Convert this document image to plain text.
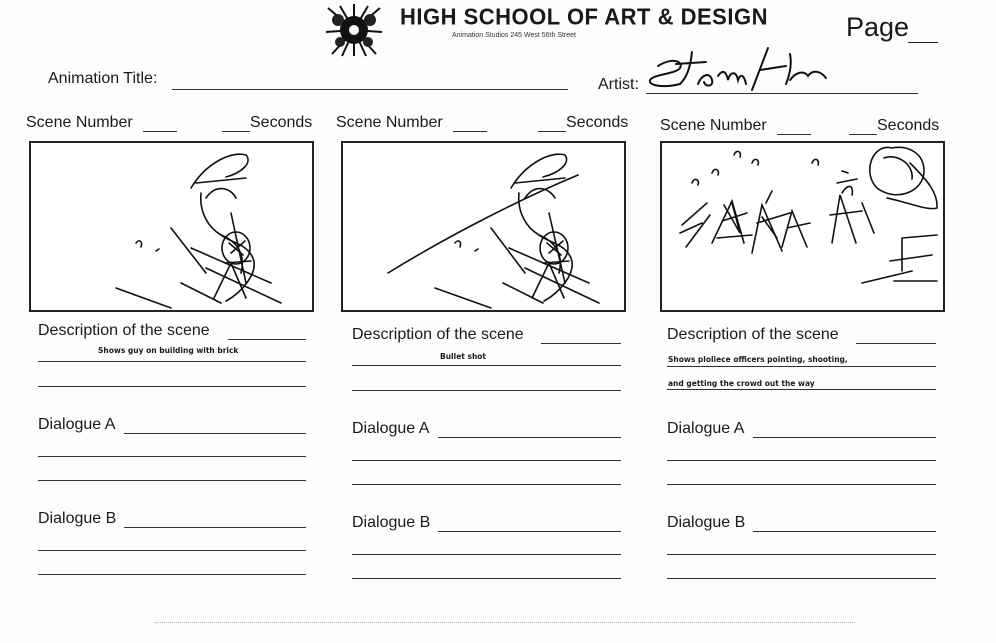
HIGH SCHOOL OF ART & DESIGN
Animation Studios 245 West 56th Street	Page
Animation Title:	Artist:
Scene Number	Seconds
Description of the scene
Shows guy on building with brick
Dialogue A
Dialogue B
Scene Number	Seconds
Description of the scene
Bullet shot
Dialogue A
Dialogue B
Scene Number	Seconds
Description of the scene
Shows ploliece officers pointing, shooting,
and getting the crowd out the way
Dialogue A
Dialogue B
